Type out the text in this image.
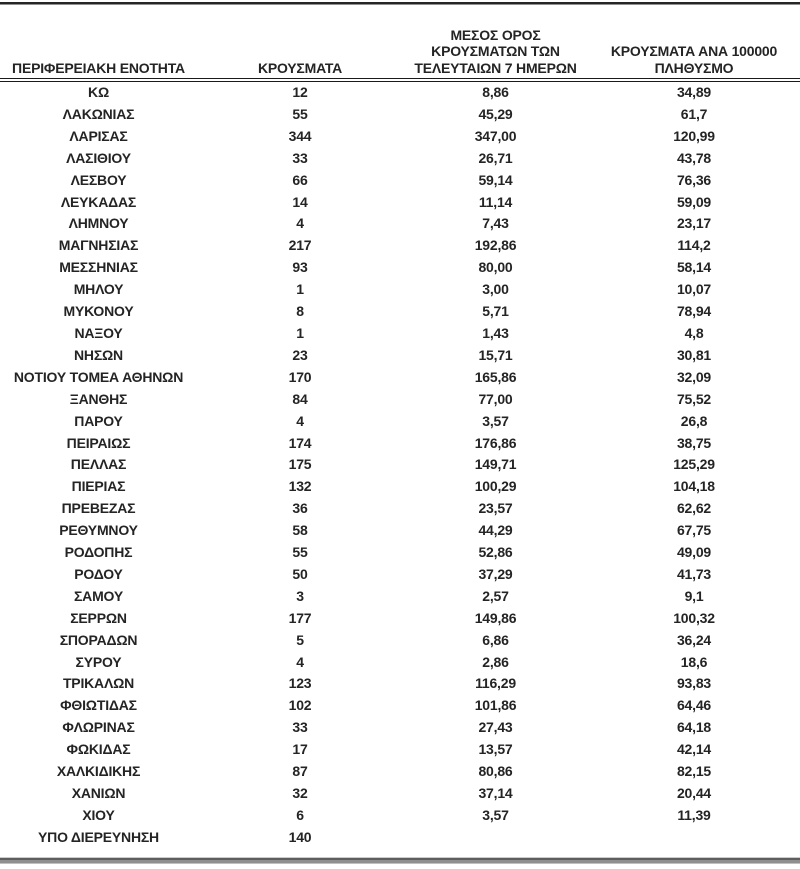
ΠΕΡΙΦΕΡΕΙΑΚΗ ΕΝΟΤΗΤΑ	ΚΡΟΥΣΜΑΤΑ	ΜΕΣΟΣ ΟΡΟΣ
ΚΡΟΥΣΜΑΤΩΝ ΤΩΝ
ΤΕΛΕΥΤΑΙΩΝ 7 ΗΜΕΡΩΝ	ΚΡΟΥΣΜΑΤΑ ΑΝΑ 100000
ΠΛΗΘΥΣΜΟ

ΚΩ	12	8,86	34,89
ΛΑΚΩΝΙΑΣ	55	45,29	61,7
ΛΑΡΙΣΑΣ	344	347,00	120,99
ΛΑΣΙΘΙΟΥ	33	26,71	43,78
ΛΕΣΒΟΥ	66	59,14	76,36
ΛΕΥΚΑΔΑΣ	14	11,14	59,09
ΛΗΜΝΟΥ	4	7,43	23,17
ΜΑΓΝΗΣΙΑΣ	217	192,86	114,2
ΜΕΣΣΗΝΙΑΣ	93	80,00	58,14
ΜΗΛΟΥ	1	3,00	10,07
ΜΥΚΟΝΟΥ	8	5,71	78,94
ΝΑΞΟΥ	1	1,43	4,8
ΝΗΣΩΝ	23	15,71	30,81
ΝΟΤΙΟΥ ΤΟΜΕΑ ΑΘΗΝΩΝ	170	165,86	32,09
ΞΑΝΘΗΣ	84	77,00	75,52
ΠΑΡΟΥ	4	3,57	26,8
ΠΕΙΡΑΙΩΣ	174	176,86	38,75
ΠΕΛΛΑΣ	175	149,71	125,29
ΠΙΕΡΙΑΣ	132	100,29	104,18
ΠΡΕΒΕΖΑΣ	36	23,57	62,62
ΡΕΘΥΜΝΟΥ	58	44,29	67,75
ΡΟΔΟΠΗΣ	55	52,86	49,09
ΡΟΔΟΥ	50	37,29	41,73
ΣΑΜΟΥ	3	2,57	9,1
ΣΕΡΡΩΝ	177	149,86	100,32
ΣΠΟΡΑΔΩΝ	5	6,86	36,24
ΣΥΡΟΥ	4	2,86	18,6
ΤΡΙΚΑΛΩΝ	123	116,29	93,83
ΦΘΙΩΤΙΔΑΣ	102	101,86	64,46
ΦΛΩΡΙΝΑΣ	33	27,43	64,18
ΦΩΚΙΔΑΣ	17	13,57	42,14
ΧΑΛΚΙΔΙΚΗΣ	87	80,86	82,15
ΧΑΝΙΩΝ	32	37,14	20,44
ΧΙΟΥ	6	3,57	11,39
ΥΠΟ ΔΙΕΡΕΥΝΗΣΗ	140		
